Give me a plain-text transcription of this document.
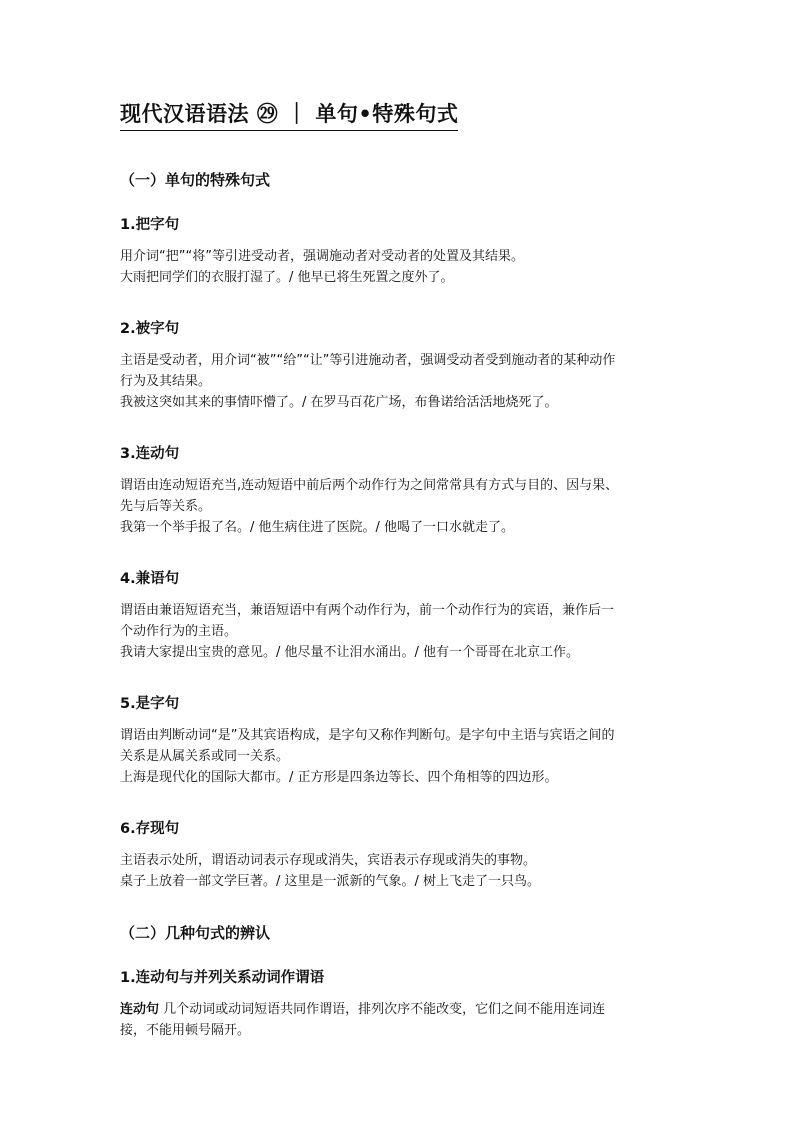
现代汉语语法 ㉙ ｜ 单句•特殊句式
（一）单句的特殊句式
1.把字句

用介词“把”“将”等引进受动者，强调施动者对受动者的处置及其结果。

大雨把同学们的衣服打湿了。/ 他早已将生死置之度外了。

2.被字句

主语是受动者，用介词“被”“给”“让”等引进施动者，强调受动者受到施动者的某种动作

行为及其结果。

我被这突如其来的事情吓懵了。/ 在罗马百花广场，布鲁诺给活活地烧死了。

3.连动句

谓语由连动短语充当,连动短语中前后两个动作行为之间常常具有方式与目的、因与果、

先与后等关系。

我第一个举手报了名。/ 他生病住进了医院。/ 他喝了一口水就走了。

4.兼语句

谓语由兼语短语充当，兼语短语中有两个动作行为，前一个动作行为的宾语，兼作后一

个动作行为的主语。

我请大家提出宝贵的意见。/ 他尽量不让泪水涌出。/ 他有一个哥哥在北京工作。

5.是字句

谓语由判断动词“是”及其宾语构成，是字句又称作判断句。是字句中主语与宾语之间的

关系是从属关系或同一关系。

上海是现代化的国际大都市。/ 正方形是四条边等长、四个角相等的四边形。

6.存现句

主语表示处所，谓语动词表示存现或消失，宾语表示存现或消失的事物。

桌子上放着一部文学巨著。/ 这里是一派新的气象。/ 树上飞走了一只鸟。

（二）几种句式的辨认
1.连动句与并列关系动词作谓语

连动句 几个动词或动词短语共同作谓语，排列次序不能改变，它们之间不能用连词连

接，不能用顿号隔开。
